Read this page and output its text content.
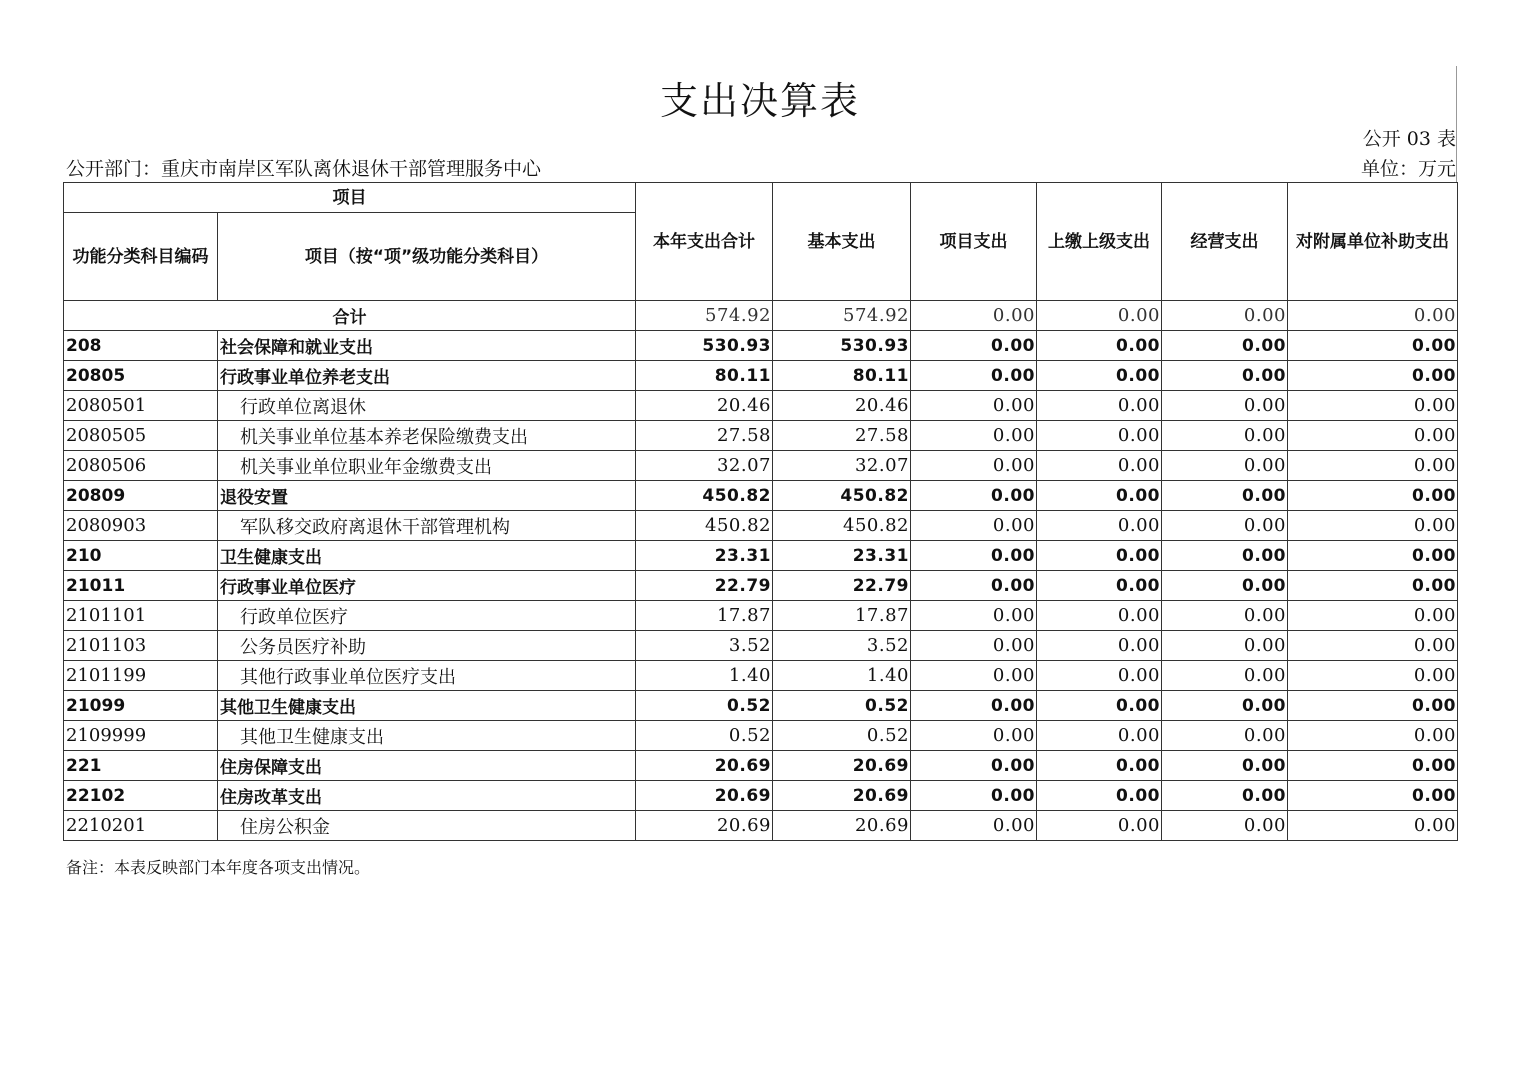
支出决算表
公开 03 表
公开部门：重庆市南岸区军队离休退休干部管理服务中心	单位：万元
项目		本年支出合计	基本支出	项目支出	上缴上级支出	经营支出	对附属单位补助支出
功能分类科目编码	项目（按“项”级功能分类科目）						
合计		574.92	574.92	0.00	0.00	0.00	0.00
208	社会保障和就业支出	530.93	530.93	0.00	0.00	0.00	0.00
20805	行政事业单位养老支出	80.11	80.11	0.00	0.00	0.00	0.00
2080501	行政单位离退休	20.46	20.46	0.00	0.00	0.00	0.00
2080505	机关事业单位基本养老保险缴费支出	27.58	27.58	0.00	0.00	0.00	0.00
2080506	机关事业单位职业年金缴费支出	32.07	32.07	0.00	0.00	0.00	0.00
20809	退役安置	450.82	450.82	0.00	0.00	0.00	0.00
2080903	军队移交政府离退休干部管理机构	450.82	450.82	0.00	0.00	0.00	0.00
210	卫生健康支出	23.31	23.31	0.00	0.00	0.00	0.00
21011	行政事业单位医疗	22.79	22.79	0.00	0.00	0.00	0.00
2101101	行政单位医疗	17.87	17.87	0.00	0.00	0.00	0.00
2101103	公务员医疗补助	3.52	3.52	0.00	0.00	0.00	0.00
2101199	其他行政事业单位医疗支出	1.40	1.40	0.00	0.00	0.00	0.00
21099	其他卫生健康支出	0.52	0.52	0.00	0.00	0.00	0.00
2109999	其他卫生健康支出	0.52	0.52	0.00	0.00	0.00	0.00
221	住房保障支出	20.69	20.69	0.00	0.00	0.00	0.00
22102	住房改革支出	20.69	20.69	0.00	0.00	0.00	0.00
2210201	住房公积金	20.69	20.69	0.00	0.00	0.00	0.00
备注：本表反映部门本年度各项支出情况。
